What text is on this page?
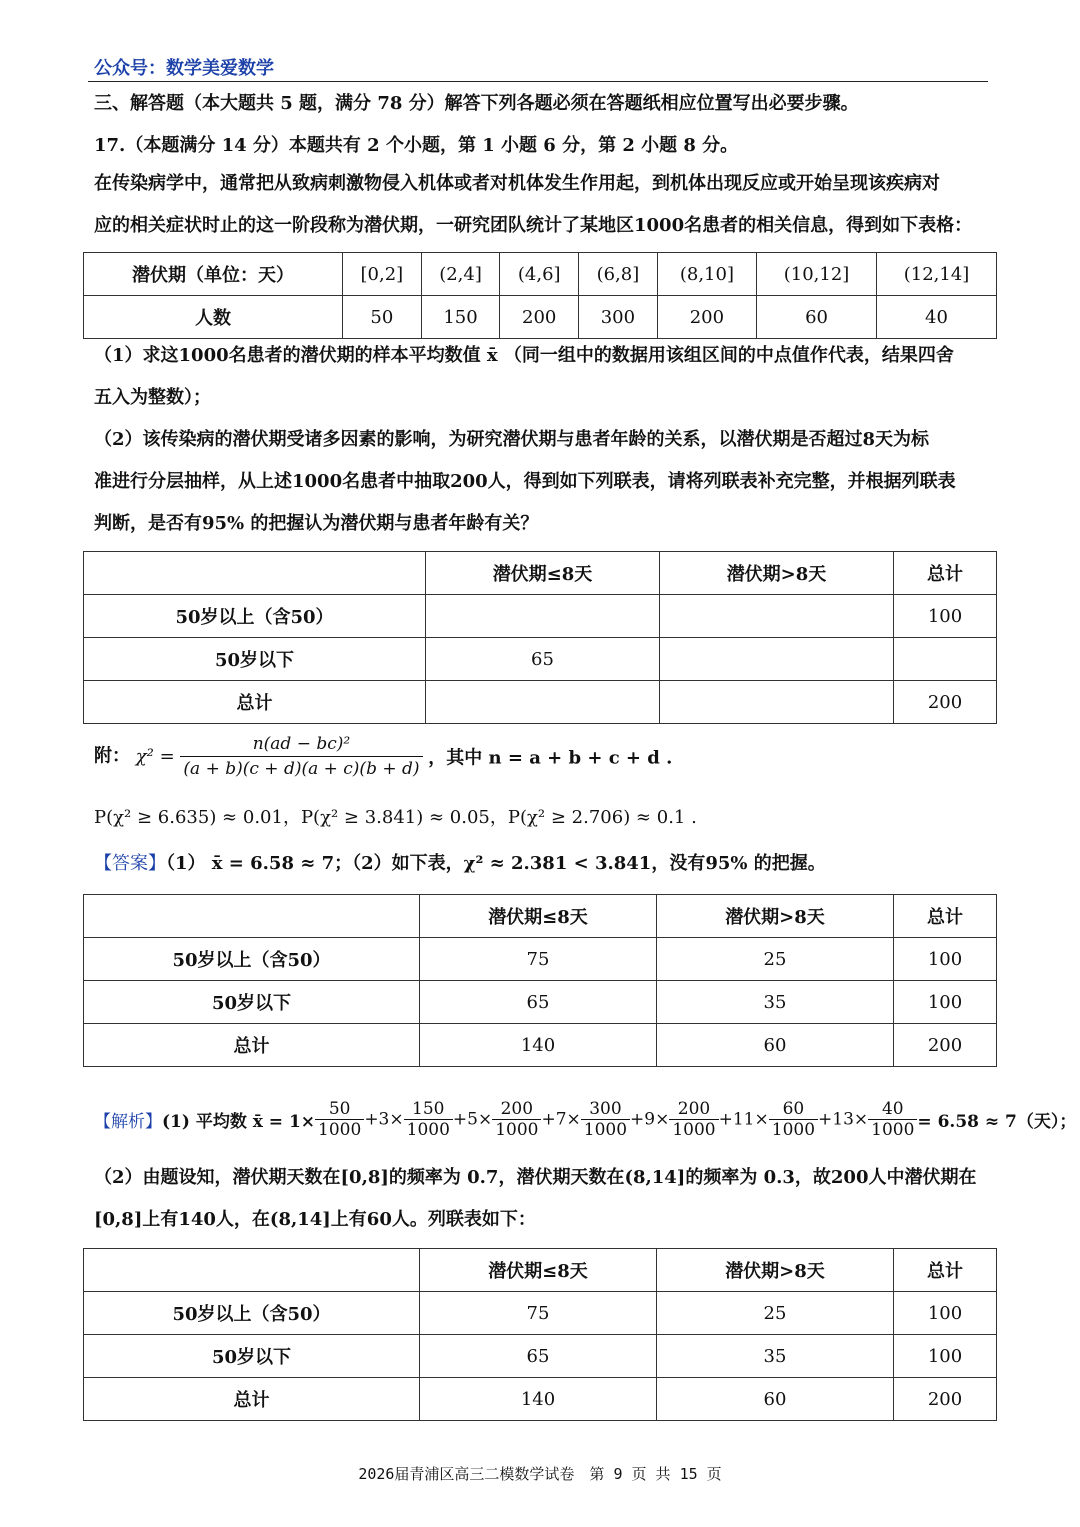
公众号：数学美爱数学
三、解答题（本大题共 5 题，满分 78 分）解答下列各题必须在答题纸相应位置写出必要步骤。
17.（本题满分 14 分）本题共有 2 个小题，第 1 小题 6 分，第 2 小题 8 分。
在传染病学中，通常把从致病刺激物侵入机体或者对机体发生作用起，到机体出现反应或开始呈现该疾病对
应的相关症状时止的这一阶段称为潜伏期，一研究团队统计了某地区1000名患者的相关信息，得到如下表格：
潜伏期（单位：天）	[0,2]	(2,4]	(4,6]	(6,8]	(8,10]	(10,12]	(12,14]
人数	50	150	200	300	200	60	40
（1）求这1000名患者的潜伏期的样本平均数值 x̄ （同一组中的数据用该组区间的中点值作代表，结果四舍
五入为整数）；
（2）该传染病的潜伏期受诸多因素的影响，为研究潜伏期与患者年龄的关系，以潜伏期是否超过8天为标
准进行分层抽样，从上述1000名患者中抽取200人，得到如下列联表，请将列联表补充完整，并根据列联表
判断，是否有95% 的把握认为潜伏期与患者年龄有关？
	潜伏期≤8天	潜伏期>8天	总计
50岁以上（含50）			100
50岁以下	65		
总计			200
附： $\chi^2 = \frac{\text{n(ad − bc)²}}{(a + b)(c + d)(a + c)(b + d)}$ ，其中 n = a + b + c + d .
P(χ² ≥ 6.635) ≈ 0.01，P(χ² ≥ 3.841) ≈ 0.05，P(χ² ≥ 2.706) ≈ 0.1 .
【答案】（1） x̄ = 6.58 ≈ 7；（2）如下表，χ² ≈ 2.381 < 3.841，没有95% 的把握。
	潜伏期≤8天	潜伏期>8天	总计
50岁以上（含50）	75	25	100
50岁以下	65	35	100
总计	140	60	200
【解析】(1) 平均数 x̄ = $1\times \frac{50}{1000} +3\times \frac{150}{1000} +5\times \frac{200}{1000} +7\times \frac{300}{1000} +9\times \frac{200}{1000} +11\times \frac{60}{1000} +13\times \frac{40}{1000} = 6.58 \approx 7$（天）；
（2）由题设知，潜伏期天数在[0,8]的频率为 0.7，潜伏期天数在(8,14]的频率为 0.3，故200人中潜伏期在
[0,8]上有140人，在(8,14]上有60人。列联表如下：
	潜伏期≤8天	潜伏期>8天	总计
50岁以上（含50）	75	25	100
50岁以下	65	35	100
总计	140	60	200
2026届青浦区高三二模数学试卷　第 9 页 共 15 页
